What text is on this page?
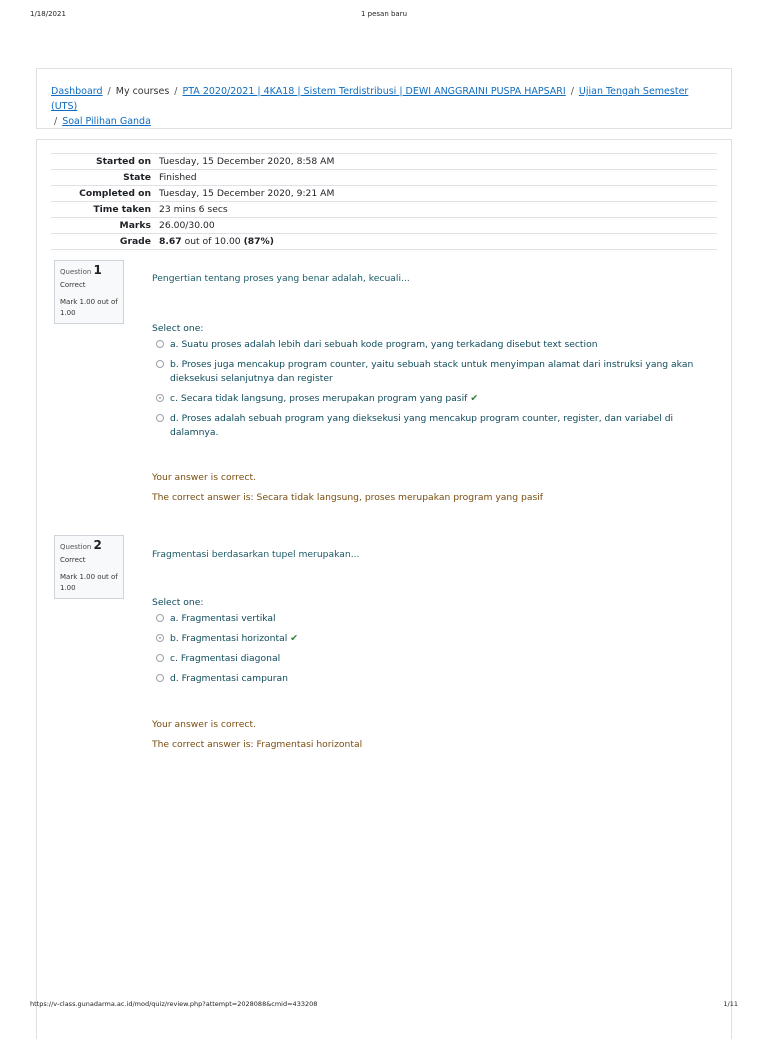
1/18/2021	1 pesan baru
Dashboard / My courses / PTA 2020/2021 | 4KA18 | Sistem Terdistribusi | DEWI ANGGRAINI PUSPA HAPSARI / Ujian Tengah Semester (UTS)
/ Soal Pilihan Ganda
Started on	Tuesday, 15 December 2020, 8:58 AM
State	Finished
Completed on	Tuesday, 15 December 2020, 9:21 AM
Time taken	23 mins 6 secs
Marks	26.00/30.00
Grade	8.67 out of 10.00 (87%)
Question 1
Correct
Mark 1.00 out of 1.00
Pengertian tentang proses yang benar adalah, kecuali...
Select one:
a. Suatu proses adalah lebih dari sebuah kode program, yang terkadang disebut text section
b. Proses juga mencakup program counter, yaitu sebuah stack untuk menyimpan alamat dari instruksi yang akan dieksekusi selanjutnya dan register
c. Secara tidak langsung, proses merupakan program yang pasif ✔
d. Proses adalah sebuah program yang dieksekusi yang mencakup program counter, register, dan variabel di dalamnya.
Your answer is correct.
The correct answer is: Secara tidak langsung, proses merupakan program yang pasif
Question 2
Correct
Mark 1.00 out of 1.00
Fragmentasi berdasarkan tupel merupakan...
Select one:
a. Fragmentasi vertikal
b. Fragmentasi horizontal ✔
c. Fragmentasi diagonal
d. Fragmentasi campuran
Your answer is correct.
The correct answer is: Fragmentasi horizontal
https://v-class.gunadarma.ac.id/mod/quiz/review.php?attempt=2028088&cmid=433208	1/11
